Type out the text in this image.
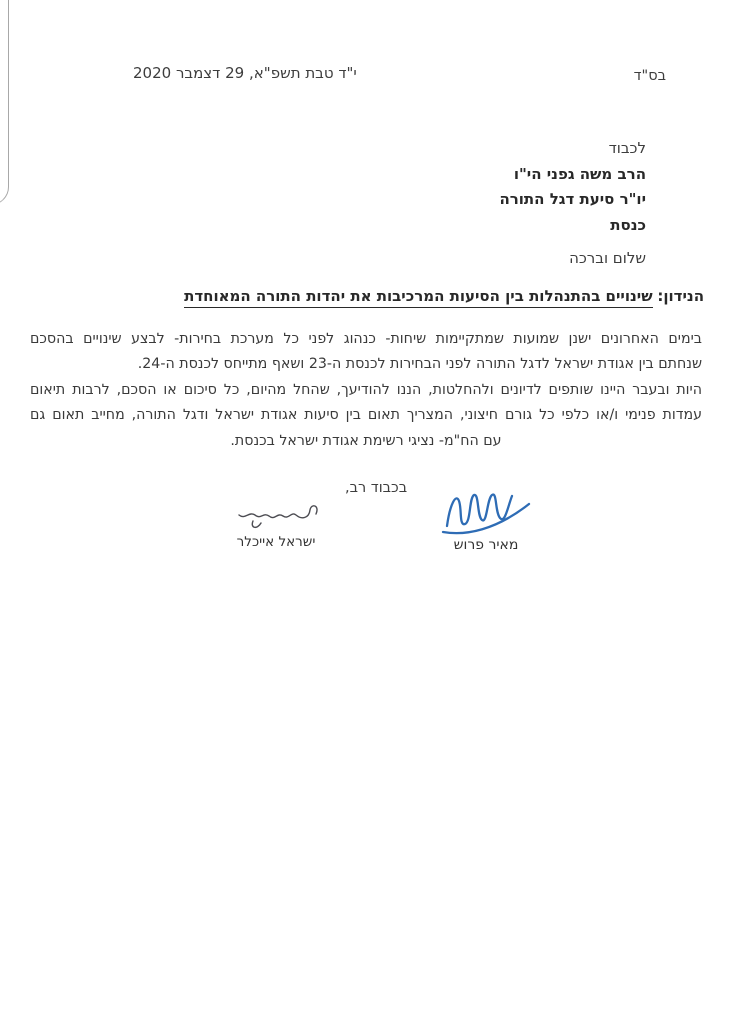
בס"ד
י"ד טבת תשפ"א, 29 דצמבר 2020
לכבוד
הרב משה גפני הי"ו
יו"ר סיעת דגל התורה
כנסת
שלום וברכה
הנידון: שינויים בהתנהלות בין הסיעות המרכיבות את יהדות התורה המאוחדת
בימים האחרונים ישנן שמועות שמתקיימות שיחות- כנהוג לפני כל מערכת בחירות- לבצע שינויים בהסכם
שנחתם בין אגודת ישראל לדגל התורה לפני הבחירות לכנסת ה-23 ושאף מתייחס לכנסת ה-24.
היות ובעבר היינו שותפים לדיונים ולהחלטות, הננו להודיעך, שהחל מהיום, כל סיכום או הסכם, לרבות תיאום
עמדות פנימי ו/או כלפי כל גורם חיצוני, המצריך תאום בין סיעות אגודת ישראל ודגל התורה, מחייב תאום גם
עם הח"מ- נציגי רשימת אגודת ישראל בכנסת.
בכבוד רב,
מאיר פרוש
ישראל אייכלר
